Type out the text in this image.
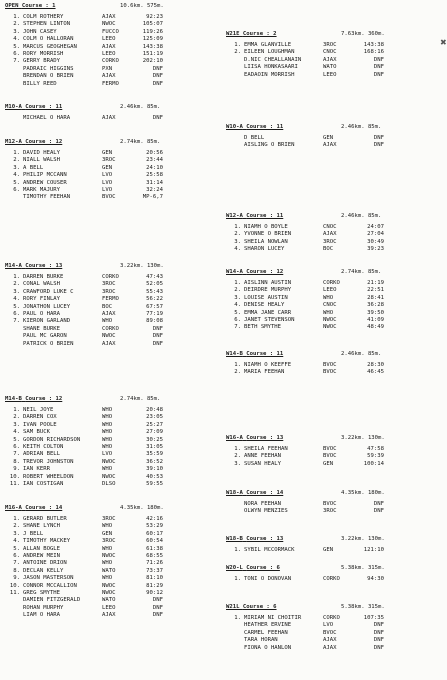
OPEN Course : 1	10.6km. 575m.
1. COLM ROTHERY	AJAX	92:23
2. STEPHEN LINTON	NWOC	105:07
3. JOHN CASEY	FUCCO	119:26
4. COLM O HALLORAN	LEEO	125:09
5. MARCUS GEOGHEGAN	AJAX	143:38
6. RORY MORRISH	LEEO	151:19
7. GERRY BRADY	CORKO	202:10
PADRAIC HIGGINS	PXN	DNF
BRENDAN O BRIEN	AJAX	DNF
BILLY REED	FERMO	DNF
M10-A Course : 11	2.46km. 85m.
MICHAEL O HARA	AJAX	DNF
M12-A Course : 12	2.74km. 85m.
1. DAVID HEALY	GEN	20:56
2. NIALL WALSH	3ROC	23:44
3. A BELL	GEN	24:10
4. PHILIP MCCANN	LVO	25:58
5. ANDREW COUSER	LVO	31:14
6. MARK MAJURY	LVO	32:24
TIMOTHY FEEHAN	BVOC	MP-6,7
M14-A Course : 13	3.22km. 130m.
1. DARREN BURKE	CORKO	47:43
2. CONAL WALSH	3ROC	52:05
3. CRAWFORD LUKE C	3ROC	55:43
4. RORY FINLAY	FERMO	56:22
5. JONATHON LUCEY	BOC	67:57
6. PAUL O HARA	AJAX	77:19
7. KIERON GARLAND	WHO	89:08
SHANE BURKE	CORKO	DNF
PAUL MC GARON	NWOC	DNF
PATRICK O BRIEN	AJAX	DNF
M14-B Course : 12	2.74km. 85m.
1. NEIL JOYE	WHO	20:48
2. DARREN COX	WHO	23:05
3. IVAN POOLE	WHO	25:27
4. SAM BUCK	WHO	27:09
5. GORDON RICHARDSON	WHO	30:25
6. KEITH COLTON	WHO	31:05
7. ADRIAN BELL	LVO	35:59
8. TREVOR JOHNSTON	NWOC	36:52
9. IAN KERR	WHO	39:10
10. ROBERT WHEELDON	NWOC	40:53
11. IAN COSTIGAN	DLSO	59:55
M16-A Course : 14	4.35km. 180m.
1. GERARD BUTLER	3ROC	42:16
2. SHANE LYNCH	WHO	53:29
3. J BELL	GEN	60:17
4. TIMOTHY MACKEY	3ROC	60:54
5. ALLAN BOGLE	WHO	61:38
6. ANDREW MEIN	NWOC	68:55
7. ANTOINE DRION	WHO	71:26
8. DECLAN KELLY	WATO	73:37
9. JASON MASTERSON	WHO	81:10
10. CONNOR MCCALLION	NWOC	81:29
11. GREG SMYTHE	NWOC	90:12
DAMIEN FITZGERALD	WATO	DNF
ROHAN MURPHY	LEEO	DNF
LIAM O HARA	AJAX	DNF
W21E Course : 2	7.63km. 360m.
1. EMMA GLANVILLE	3ROC	143:38
2. EILEEN LOUGHMAN	CNOC	168:16
D.NIC CHEALLANAIN	AJAX	DNF
LIISA HONKASAARI	WATO	DNF
EADAOIN MORRISH	LEEO	DNF
W10-A Course : 11	2.46km. 85m.
D BELL	GEN	DNF
AISLING O BRIEN	AJAX	DNF
W12-A Course : 11	2.46km. 85m.
1. NIAMH O BOYLE	CNOC	24:07
2. YVONNE O BRIEN	AJAX	27:04
3. SHEILA NOWLAN	3ROC	30:49
4. SHARON LUCEY	BOC	39:23
W14-A Course : 12	2.74km. 85m.
1. AISLINN AUSTIN	CORKO	21:19
2. DEIRDRE MURPHY	LEEO	22:51
3. LOUISE AUSTIN	WHO	28:41
4. DENISE HEALY	CNOC	36:28
5. EMMA JANE CARR	WHO	39:50
6. JANET STEVENSON	NWOC	41:09
7. BETH SMYTHE	NWOC	48:49
W14-B Course : 11	2.46km. 85m.
1. NIAMH O KEEFFE	BVOC	28:30
2. MARIA FEEHAN	BVOC	46:45
W16-A Course : 13	3.22km. 130m.
1. SHEILA FEEHAN	BVOC	47:58
2. ANNE FEEHAN	BVOC	59:39
3. SUSAN HEALY	GEN	100:14
W18-A Course : 14	4.35km. 180m.
NORA FEEHAN	BVOC	DNF
OLWYN MENZIES	3ROC	DNF
W18-B Course : 13	3.22km. 130m.
1. SYBIL MCCORMACK	GEN	121:10
W20-L Course : 6	5.38km. 315m.
1. TONI O DONOVAN	CORKO	94:30
W21L Course : 6	5.38km. 315m.
1. MIRIAM NI CHOITIR	CORKO	107:35
HEATHER ERVINE	LVO	DNF
CARMEL FEEHAN	BVOC	DNF
TARA HORAN	AJAX	DNF
FIONA O HANLON	AJAX	DNF
✖
